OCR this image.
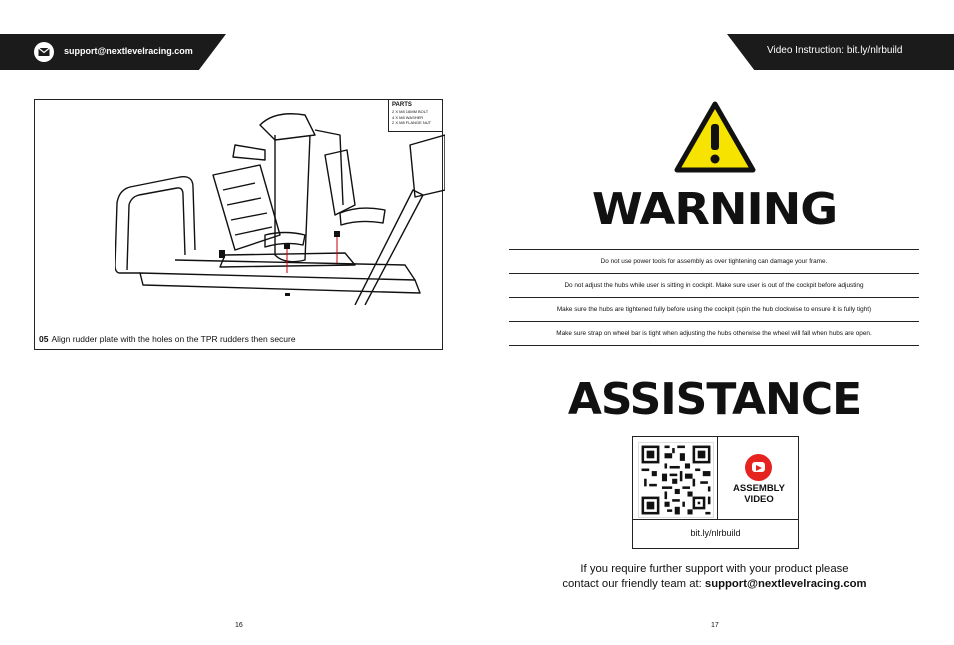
support@nextlevelracing.com	Video Instruction: bit.ly/nlrbuild
PARTS
2 X M8 16MM BOLT
4 X M8 WASHER
2 X M8 FLANGE NUT
05 Align rudder plate with the holes on the TPR rudders then secure
WARNING
Do not use power tools for assembly as over tightening can damage your frame.
Do not adjust the hubs while user is sitting in cockpit. Make sure user is out of the cockpit before adjusting
Make sure the hubs are tightened fully before using the cockpit (spin the hub clockwise to ensure it is fully tight)
Make sure strap on wheel bar is tight when adjusting the hubs otherwise the wheel will fall when hubs are open.
ASSISTANCE
ASSEMBLY
VIDEO
bit.ly/nlrbuild
If you require further support with your product please
contact our friendly team at: support@nextlevelracing.com
16	17
